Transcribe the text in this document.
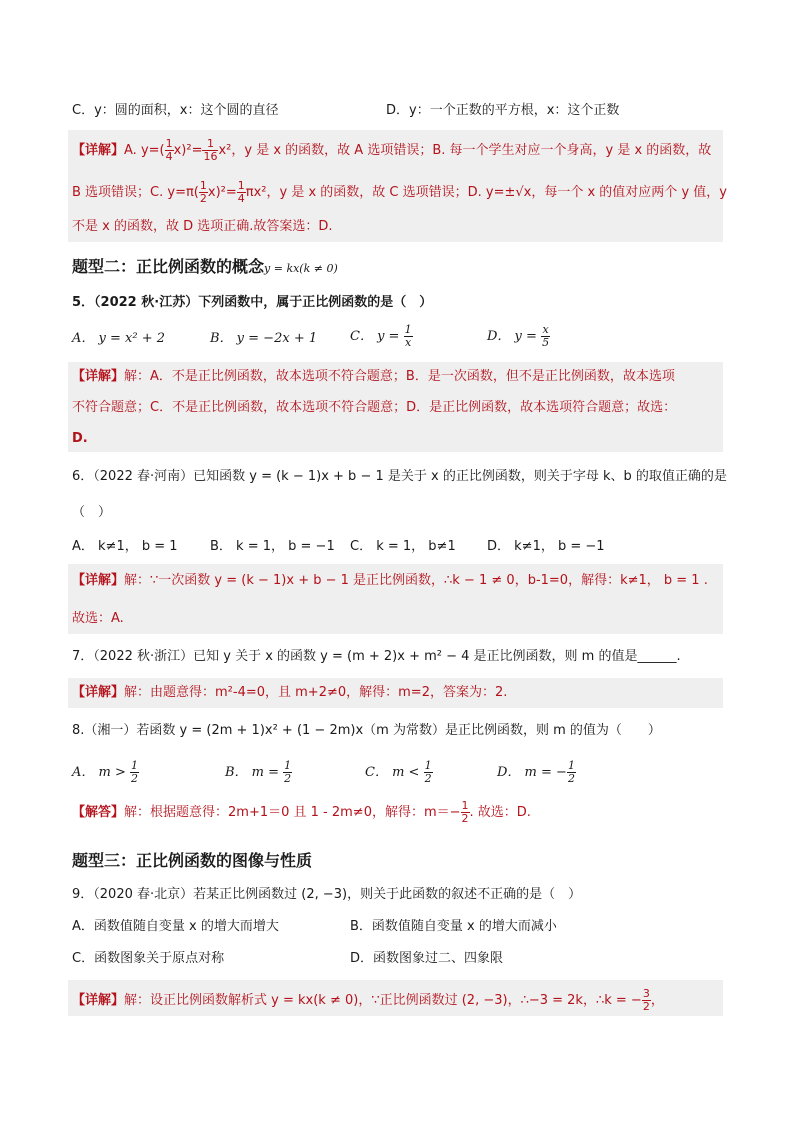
C．y：圆的面积，x：这个圆的直径	D．y：一个正数的平方根，x：这个正数
【详解】A. $y=( \frac{1}{4} x)^2= \frac{1}{16} x^2$，y 是 x 的函数，故 A 选项错误；B. 每一个学生对应一个身高，y 是 x 的函数，故
B 选项错误；C. $y=\pi( \frac{1}{2} x)^2= \frac{1}{4} \pi x^2$，y 是 x 的函数，故 C 选项错误；D. y=±√x，每一个 x 的值对应两个 y 值，y
不是 x 的函数，故 D 选项正确.故答案选：D.
题型二：正比例函数的概念y = kx(k ≠ 0)
5．（2022 秋·江苏）下列函数中，属于正比例函数的是（　）
A． y = x² + 2	B． y = −2x + 1	C． $y = \frac{1}{x}$	D． $y = \frac{x}{5}$
【详解】解：A．不是正比例函数，故本选项不符合题意；B．是一次函数，但不是正比例函数，故本选项
不符合题意；C．不是正比例函数，故本选项不符合题意；D．是正比例函数，故本选项符合题意；故选：
D.
6．（2022 春·河南）已知函数 y = (k − 1)x + b − 1 是关于 x 的正比例函数，则关于字母 k、b 的取值正确的是
（　）
A． k≠1， b = 1 B． k = 1， b = −1 C． k = 1， b≠1 D． k≠1， b = −1
【详解】解：∵一次函数 y = (k − 1)x + b − 1 是正比例函数，∴k − 1 ≠ 0，b-1=0，解得：k≠1， b = 1 .
故选：A.
7．（2022 秋·浙江）已知 y 关于 x 的函数 y = (m + 2)x + m² − 4 是正比例函数，则 m 的值是______.
【详解】解：由题意得：m²-4=0，且 m+2≠0，解得：m=2，答案为：2.
8.（湘一）若函数 y = (2m + 1)x² + (1 − 2m)x（m 为常数）是正比例函数，则 m 的值为（　　）
A． $m > \frac{1}{2}$	B． $m = \frac{1}{2}$	C． $m < \frac{1}{2}$	D． m = − $\frac{1}{2}$
【解答】解：根据题意得：2m+1＝0 且 1 - 2m≠0，解得：$m=- \frac{1}{2}$ . 故选：D.
题型三：正比例函数的图像与性质
9．（2020 春·北京）若某正比例函数过 (2, −3)，则关于此函数的叙述不正确的是（　）
A．函数值随自变量 x 的增大而增大	B．函数值随自变量 x 的增大而减小
C．函数图象关于原点对称	D．函数图象过二、四象限
【详解】解：设正比例函数解析式 y = kx(k ≠ 0)，∵正比例函数过 (2, −3)，∴−3 = 2k，∴k = − $\frac{3}{2}$ ，
